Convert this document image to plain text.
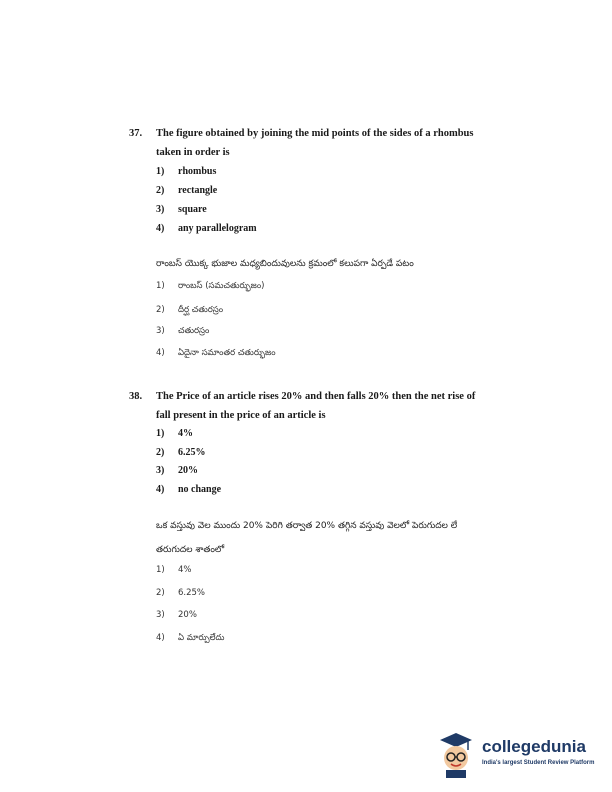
37. The figure obtained by joining the mid points of the sides of a rhombus
taken in order is
1) rhombus
2) rectangle
3) square
4) any parallelogram
రాంబస్ యొక్క భుజాల మధ్యబిందువులను క్రమంలో కలుపగా ఏర్పడే పటం
1) రాంబస్ (సమచతుర్భుజం)
2) దీర్ఘ చతురస్రం
3) చతురస్రం
4) ఏదైనా సమాంతర చతుర్భుజం
38. The Price of an article rises 20% and then falls 20% then the net rise of
fall present in the price of an article is
1) 4%
2) 6.25%
3) 20%
4) no change
ఒక వస్తువు వెల ముందు 20% పెరిగి తర్వాత 20% తగ్గిన వస్తువు వెలలో పెరుగుదల లే
తరుగుదల శాతంలో
1) 4%
2) 6.25%
3) 20%
4) ఏ మార్పులేదు
collegedunia
India's largest Student Review Platform
